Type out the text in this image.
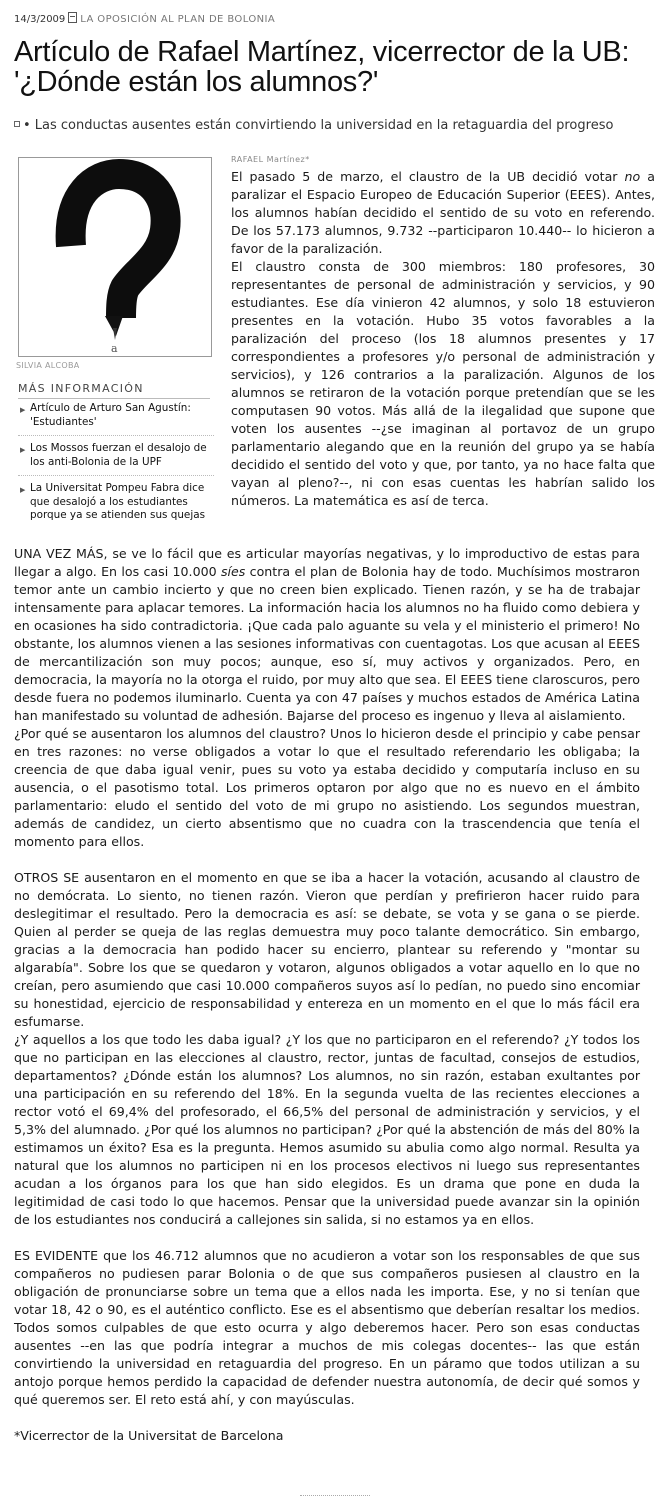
14/3/2009 LA OPOSICIÓN AL PLAN DE BOLONIA
Artículo de Rafael Martínez, vicerrector de la UB: '¿Dónde están los alumnos?'
• Las conductas ausentes están convirtiendo la universidad en la retaguardia del progreso
a
SILVIA ALCOBA
MÁS INFORMACIÓN
▶ Artículo de Arturo San Agustín: 'Estudiantes'
▶ Los Mossos fuerzan el desalojo de los anti-Bolonia de la UPF
▶ La Universitat Pompeu Fabra dice que desalojó a los estudiantes porque ya se atienden sus quejas
RAFAEL Martínez*

El pasado 5 de marzo, el claustro de la UB decidió votar no a paralizar el Espacio Europeo de Educación Superior (EEES). Antes, los alumnos habían decidido el sentido de su voto en referendo. De los 57.173 alumnos, 9.732 --participaron 10.440-- lo hicieron a favor de la paralización.

El claustro consta de 300 miembros: 180 profesores, 30 representantes de personal de administración y servicios, y 90 estudiantes. Ese día vinieron 42 alumnos, y solo 18 estuvieron presentes en la votación. Hubo 35 votos favorables a la paralización del proceso (los 18 alumnos presentes y 17 correspondientes a profesores y/o personal de administración y servicios), y 126 contrarios a la paralización. Algunos de los alumnos se retiraron de la votación porque pretendían que se les computasen 90 votos. Más allá de la ilegalidad que supone que voten los ausentes --¿se imaginan al portavoz de un grupo parlamentario alegando que en la reunión del grupo ya se había decidido el sentido del voto y que, por tanto, ya no hace falta que vayan al pleno?--, ni con esas cuentas les habrían salido los números. La matemática es así de terca.

UNA VEZ MÁS, se ve lo fácil que es articular mayorías negativas, y lo improductivo de estas para llegar a algo. En los casi 10.000 síes contra el plan de Bolonia hay de todo. Muchísimos mostraron temor ante un cambio incierto y que no creen bien explicado. Tienen razón, y se ha de trabajar intensamente para aplacar temores. La información hacia los alumnos no ha fluido como debiera y en ocasiones ha sido contradictoria. ¡Que cada palo aguante su vela y el ministerio el primero! No obstante, los alumnos vienen a las sesiones informativas con cuentagotas. Los que acusan al EEES de mercantilización son muy pocos; aunque, eso sí, muy activos y organizados. Pero, en democracia, la mayoría no la otorga el ruido, por muy alto que sea. El EEES tiene claroscuros, pero desde fuera no podemos iluminarlo. Cuenta ya con 47 países y muchos estados de América Latina han manifestado su voluntad de adhesión. Bajarse del proceso es ingenuo y lleva al aislamiento.

¿Por qué se ausentaron los alumnos del claustro? Unos lo hicieron desde el principio y cabe pensar en tres razones: no verse obligados a votar lo que el resultado referendario les obligaba; la creencia de que daba igual venir, pues su voto ya estaba decidido y computaría incluso en su ausencia, o el pasotismo total. Los primeros optaron por algo que no es nuevo en el ámbito parlamentario: eludo el sentido del voto de mi grupo no asistiendo. Los segundos muestran, además de candidez, un cierto absentismo que no cuadra con la trascendencia que tenía el momento para ellos.

OTROS SE ausentaron en el momento en que se iba a hacer la votación, acusando al claustro de no demócrata. Lo siento, no tienen razón. Vieron que perdían y prefirieron hacer ruido para deslegitimar el resultado. Pero la democracia es así: se debate, se vota y se gana o se pierde. Quien al perder se queja de las reglas demuestra muy poco talante democrático. Sin embargo, gracias a la democracia han podido hacer su encierro, plantear su referendo y "montar su algarabía". Sobre los que se quedaron y votaron, algunos obligados a votar aquello en lo que no creían, pero asumiendo que casi 10.000 compañeros suyos así lo pedían, no puedo sino encomiar su honestidad, ejercicio de responsabilidad y entereza en un momento en el que lo más fácil era esfumarse.

¿Y aquellos a los que todo les daba igual? ¿Y los que no participaron en el referendo? ¿Y todos los que no participan en las elecciones al claustro, rector, juntas de facultad, consejos de estudios, departamentos? ¿Dónde están los alumnos? Los alumnos, no sin razón, estaban exultantes por una participación en su referendo del 18%. En la segunda vuelta de las recientes elecciones a rector votó el 69,4% del profesorado, el 66,5% del personal de administración y servicios, y el 5,3% del alumnado. ¿Por qué los alumnos no participan? ¿Por qué la abstención de más del 80% la estimamos un éxito? Esa es la pregunta. Hemos asumido su abulia como algo normal. Resulta ya natural que los alumnos no participen ni en los procesos electivos ni luego sus representantes acudan a los órganos para los que han sido elegidos. Es un drama que pone en duda la legitimidad de casi todo lo que hacemos. Pensar que la universidad puede avanzar sin la opinión de los estudiantes nos conducirá a callejones sin salida, si no estamos ya en ellos.

ES EVIDENTE que los 46.712 alumnos que no acudieron a votar son los responsables de que sus compañeros no pudiesen parar Bolonia o de que sus compañeros pusiesen al claustro en la obligación de pronunciarse sobre un tema que a ellos nada les importa. Ese, y no si tenían que votar 18, 42 o 90, es el auténtico conflicto. Ese es el absentismo que deberían resaltar los medios. Todos somos culpables de que esto ocurra y algo deberemos hacer. Pero son esas conductas ausentes --en las que podría integrar a muchos de mis colegas docentes-- las que están convirtiendo la universidad en retaguardia del progreso. En un páramo que todos utilizan a su antojo porque hemos perdido la capacidad de defender nuestra autonomía, de decir qué somos y qué queremos ser. El reto está ahí, y con mayúsculas.

*Vicerrector de la Universitat de Barcelona
